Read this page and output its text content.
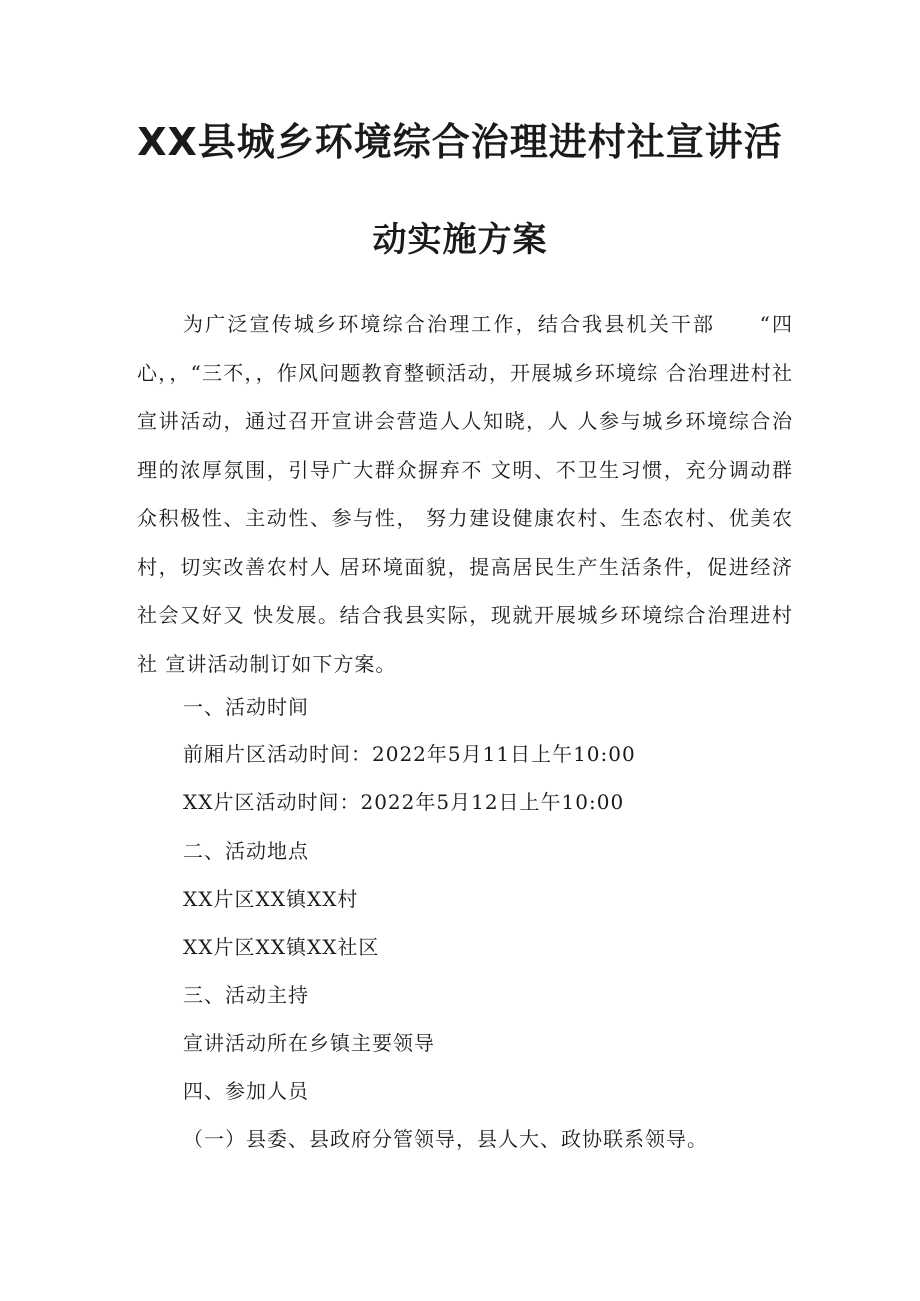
XX县城乡环境综合治理进村社宣讲活
动实施方案

为广泛宣传城乡环境综合治理工作，结合我县机关干部　　“四心，，“三不，，作风问题教育整顿活动，开展城乡环境综 合治理进村社宣讲活动，通过召开宣讲会营造人人知晓，人 人参与城乡环境综合治理的浓厚氛围，引导广大群众摒弃不 文明、不卫生习惯，充分调动群众积极性、主动性、参与性， 努力建设健康农村、生态农村、优美农村，切实改善农村人 居环境面貌，提高居民生产生活条件，促进经济社会又好又 快发展。结合我县实际，现就开展城乡环境综合治理进村社 宣讲活动制订如下方案。

一、活动时间

前厢片区活动时间：2022年5月11日上午10:00

XX片区活动时间：2022年5月12日上午10:00

二、活动地点

XX片区XX镇XX村

XX片区XX镇XX社区

三、活动主持

宣讲活动所在乡镇主要领导

四、参加人员

（一）县委、县政府分管领导，县人大、政协联系领导。
